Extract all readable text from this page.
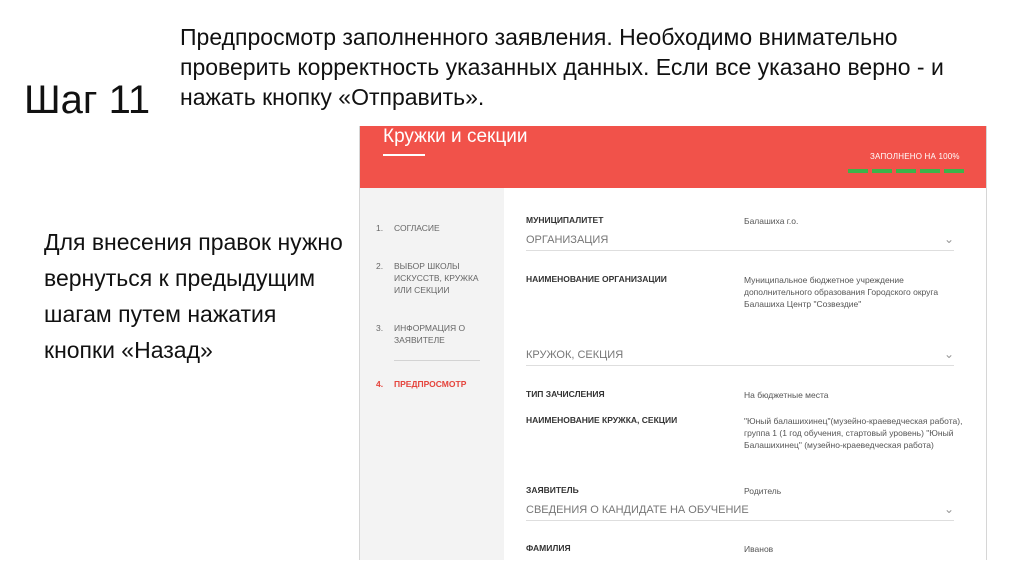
Шаг 11
Предпросмотр заполненного заявления. Необходимо внимательно проверить корректность указанных данных. Если все указано верно - и нажать кнопку «Отправить».
Для внесения правок нужно вернуться к предыдущим шагам путем нажатия кнопки «Назад»
Кружки и секции
ЗАПОЛНЕНО НА 100%
1. СОГЛАСИЕ
2. ВЫБОР ШКОЛЫ ИСКУССТВ, КРУЖКА ИЛИ СЕКЦИИ
3. ИНФОРМАЦИЯ О ЗАЯВИТЕЛЕ
4. ПРЕДПРОСМОТР
МУНИЦИПАЛИТЕТ	Балашиха г.о.
ОРГАНИЗАЦИЯ	⌄
НАИМЕНОВАНИЕ ОРГАНИЗАЦИИ	Муниципальное бюджетное учреждение дополнительного образования Городского округа Балашиха Центр "Созвездие"
КРУЖОК, СЕКЦИЯ	⌄
ТИП ЗАЧИСЛЕНИЯ	На бюджетные места
НАИМЕНОВАНИЕ КРУЖКА, СЕКЦИИ	"Юный балашихинец"(музейно-краеведческая работа), группа 1 (1 год обучения, стартовый уровень) "Юный Балашихинец" (музейно-краеведческая работа)
ЗАЯВИТЕЛЬ	Родитель
СВЕДЕНИЯ О КАНДИДАТЕ НА ОБУЧЕНИЕ	⌄
ФАМИЛИЯ	Иванов
